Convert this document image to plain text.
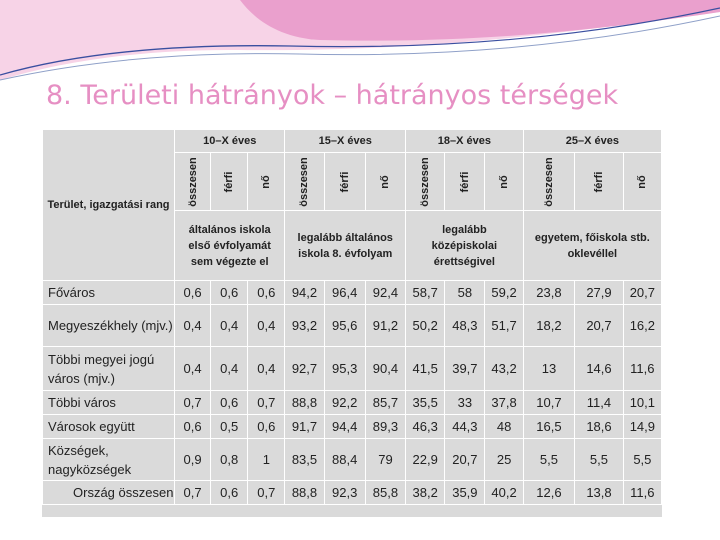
8. Területi hátrányok – hátrányos térségek
Terület, igazgatási rang	10–X éves			15–X éves			18–X éves			25–X éves		

	összesen	férfi	nő	összesen	férfi	nő	összesen	férfi	nő	összesen	férfi	nő

	általános iskola első évfolyamát sem végezte el			legalább általános iskola 8. évfolyam			legalább középiskolai érettségivel			egyetem, főiskola stb. oklevéllel		
Főváros	0,6	0,6	0,6	94,2	96,4	92,4	58,7	58	59,2	23,8	27,9	20,7
Megyeszékhely (mjv.)	0,4	0,4	0,4	93,2	95,6	91,2	50,2	48,3	51,7	18,2	20,7	16,2
Többi megyei jogú város (mjv.)	0,4	0,4	0,4	92,7	95,3	90,4	41,5	39,7	43,2	13	14,6	11,6
Többi város	0,7	0,6	0,7	88,8	92,2	85,7	35,5	33	37,8	10,7	11,4	10,1
Városok együtt	0,6	0,5	0,6	91,7	94,4	89,3	46,3	44,3	48	16,5	18,6	14,9
Községek, nagyközségek	0,9	0,8	1	83,5	88,4	79	22,9	20,7	25	5,5	5,5	5,5
Ország összesen	0,7	0,6	0,7	88,8	92,3	85,8	38,2	35,9	40,2	12,6	13,8	11,6
